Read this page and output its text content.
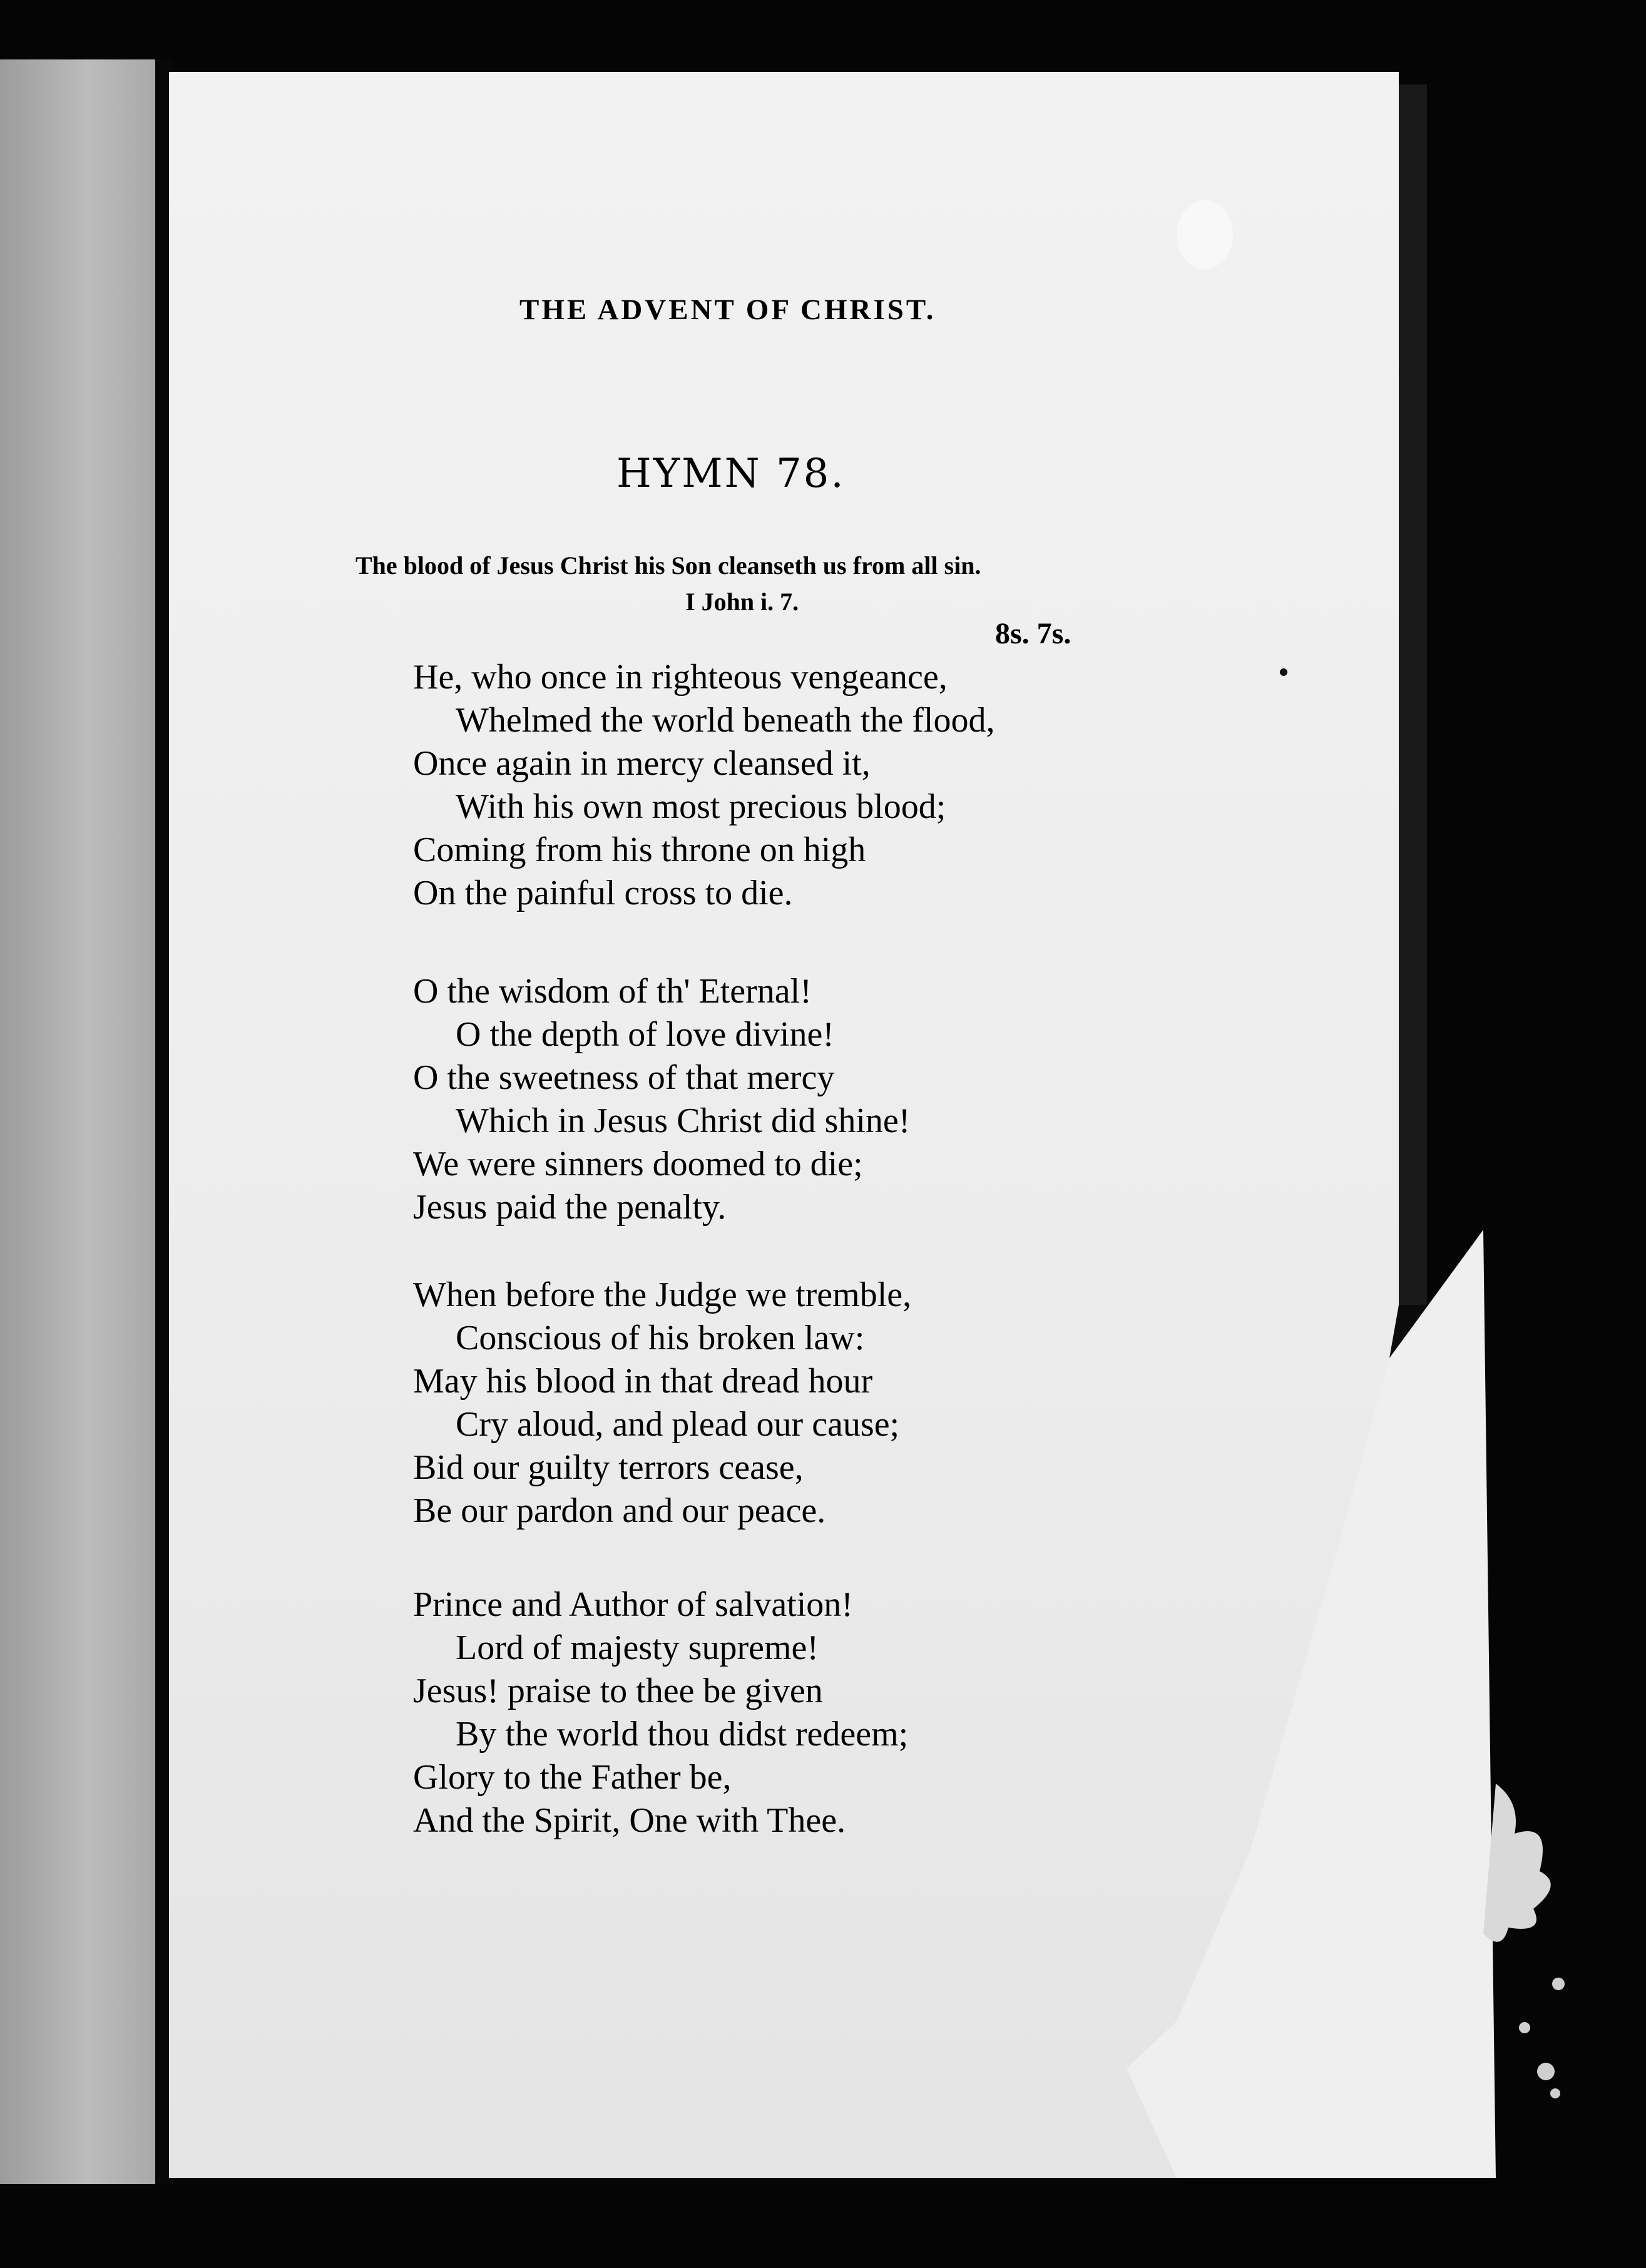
THE ADVENT OF CHRIST.
HYMN 78.
The blood of Jesus Christ his Son cleanseth us from all sin.
I John i. 7.
8s. 7s.
He, who once in righteous vengeance,
Whelmed the world beneath the flood,
Once again in mercy cleansed it,
With his own most precious blood;
Coming from his throne on high
On the painful cross to die.
O the wisdom of th' Eternal!
O the depth of love divine!
O the sweetness of that mercy
Which in Jesus Christ did shine!
We were sinners doomed to die;
Jesus paid the penalty.
When before the Judge we tremble,
Conscious of his broken law:
May his blood in that dread hour
Cry aloud, and plead our cause;
Bid our guilty terrors cease,
Be our pardon and our peace.
Prince and Author of salvation!
Lord of majesty supreme!
Jesus! praise to thee be given
By the world thou didst redeem;
Glory to the Father be,
And the Spirit, One with Thee.
